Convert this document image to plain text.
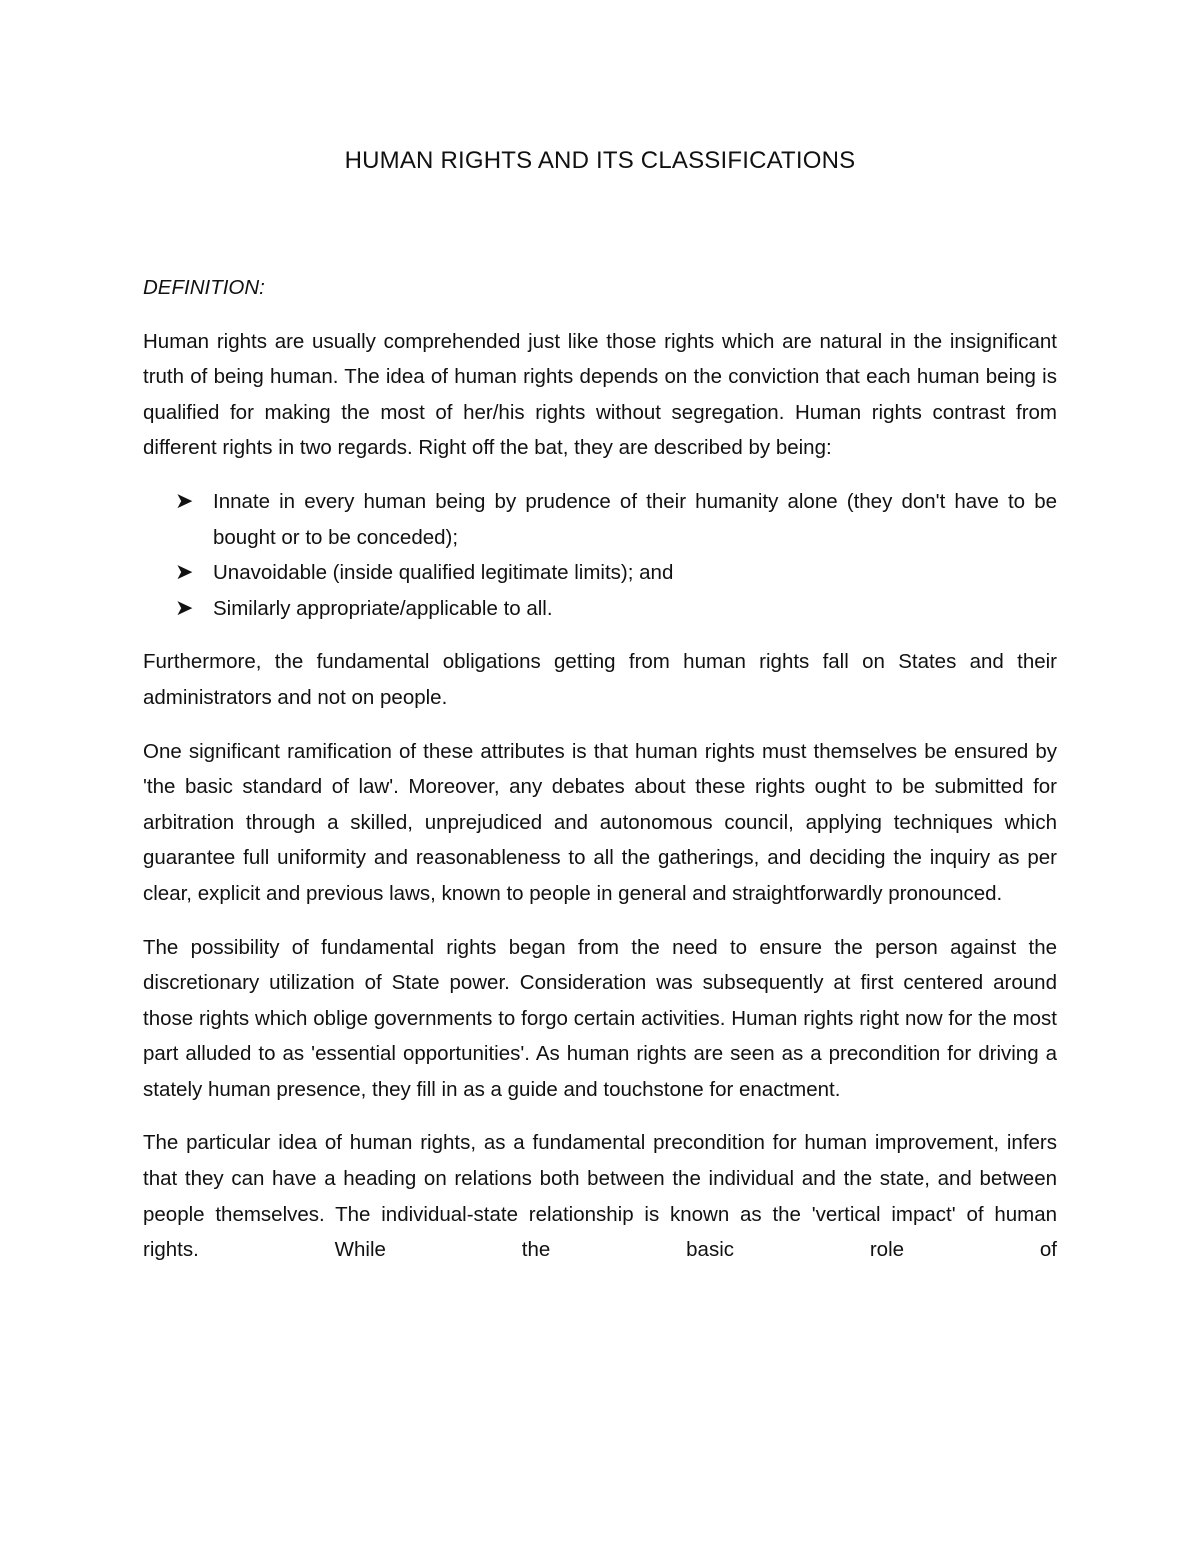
HUMAN RIGHTS AND ITS CLASSIFICATIONS

DEFINITION:

Human rights are usually comprehended just like those rights which are natural in the insignificant truth of being human. The idea of human rights depends on the conviction that each human being is qualified for making the most of her/his rights without segregation. Human rights contrast from different rights in two regards. Right off the bat, they are described by being:

➤ Innate in every human being by prudence of their humanity alone (they don't have to be bought or to be conceded);
➤ Unavoidable (inside qualified legitimate limits); and
➤ Similarly appropriate/applicable to all.

Furthermore, the fundamental obligations getting from human rights fall on States and their administrators and not on people.

One significant ramification of these attributes is that human rights must themselves be ensured by 'the basic standard of law'. Moreover, any debates about these rights ought to be submitted for arbitration through a skilled, unprejudiced and autonomous council, applying techniques which guarantee full uniformity and reasonableness to all the gatherings, and deciding the inquiry as per clear, explicit and previous laws, known to people in general and straightforwardly pronounced.

The possibility of fundamental rights began from the need to ensure the person against the discretionary utilization of State power. Consideration was subsequently at first centered around those rights which oblige governments to forgo certain activities. Human rights right now for the most part alluded to as 'essential opportunities'. As human rights are seen as a precondition for driving a stately human presence, they fill in as a guide and touchstone for enactment.

The particular idea of human rights, as a fundamental precondition for human improvement, infers that they can have a heading on relations both between the individual and the state, and between people themselves. The individual-state relationship is known as the 'vertical impact' of human rights. While the basic role of
